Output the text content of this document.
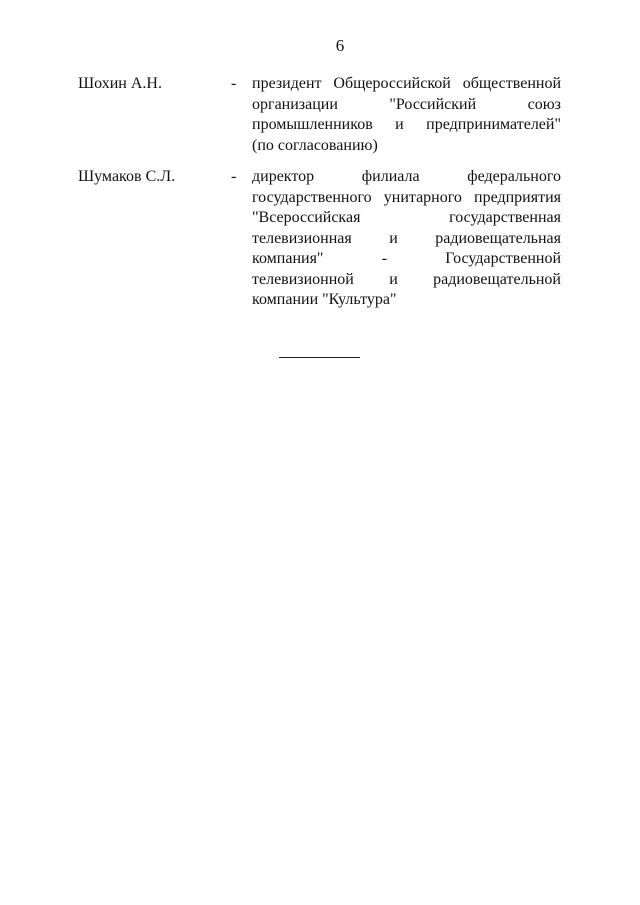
6
Шохин А.Н.	- президент Общероссийской общественной
организации "Российский союз
промышленников и предпринимателей"
(по согласованию)
Шумаков С.Л.	- директор филиала федерального
государственного унитарного предприятия
"Всероссийская государственная
телевизионная и радиовещательная
компания" - Государственной
телевизионной и радиовещательной
компании "Культура"
